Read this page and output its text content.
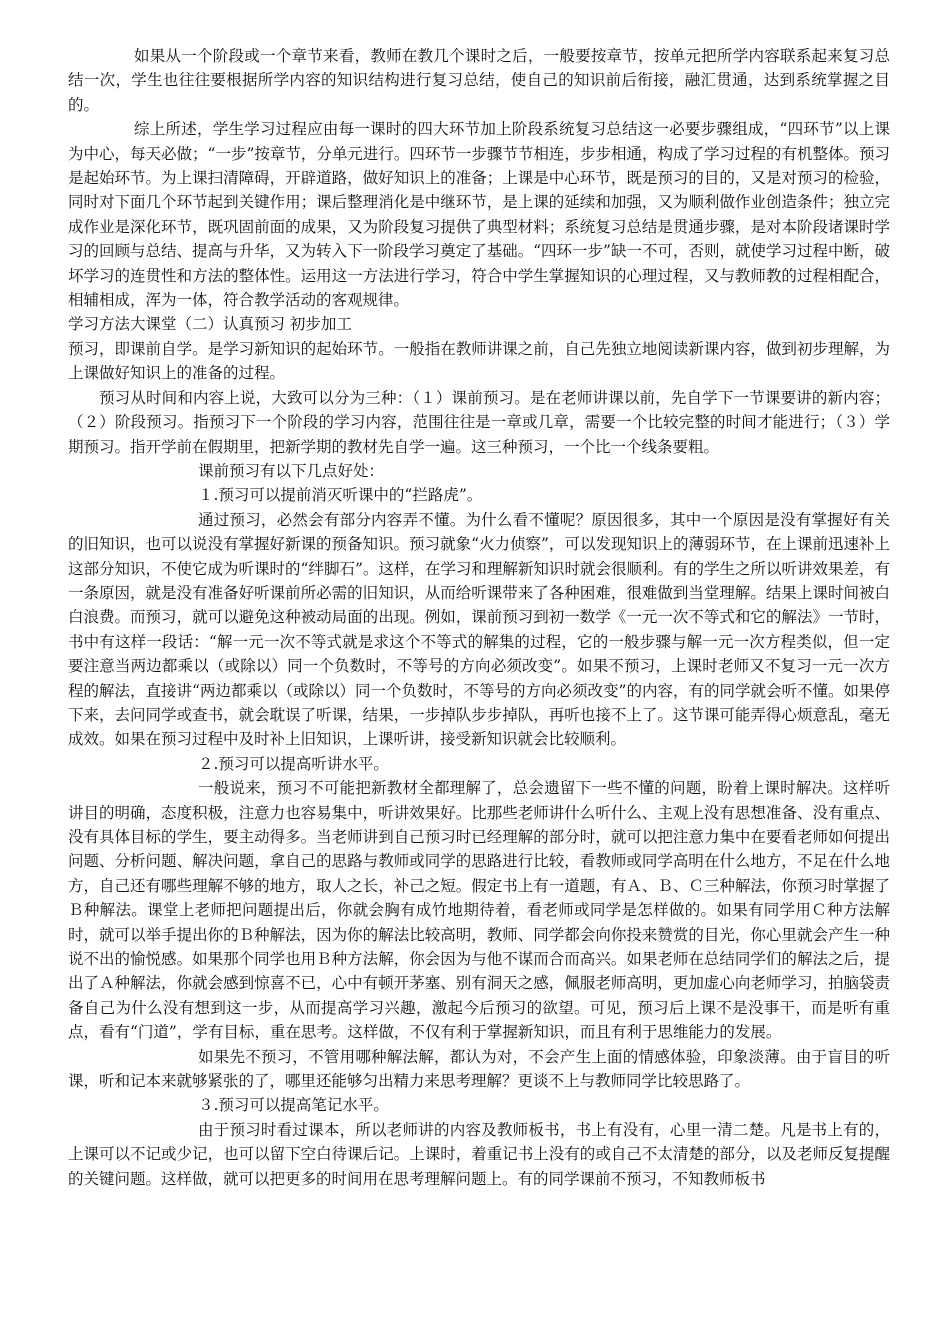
如果从一个阶段或一个章节来看，教师在教几个课时之后，一般要按章节，按单元把所学内容联系起来复习总结一次，学生也往往要根据所学内容的知识结构进行复习总结，使自己的知识前后衔接，融汇贯通，达到系统掌握之目的。

综上所述，学生学习过程应由每一课时的四大环节加上阶段系统复习总结这一必要步骤组成，“四环节”以上课为中心，每天必做；“一步”按章节，分单元进行。四环节一步骤节节相连，步步相通，构成了学习过程的有机整体。预习是起始环节。为上课扫清障碍，开辟道路，做好知识上的准备；上课是中心环节，既是预习的目的，又是对预习的检验，同时对下面几个环节起到关键作用；课后整理消化是中继环节，是上课的延续和加强，又为顺利做作业创造条件；独立完成作业是深化环节，既巩固前面的成果，又为阶段复习提供了典型材料；系统复习总结是贯通步骤，是对本阶段诸课时学习的回顾与总结、提高与升华，又为转入下一阶段学习奠定了基础。“四环一步”缺一不可，否则，就使学习过程中断，破坏学习的连贯性和方法的整体性。运用这一方法进行学习，符合中学生掌握知识的心理过程，又与教师教的过程相配合，相辅相成，浑为一体，符合教学活动的客观规律。

学习方法大课堂（二）认真预习 初步加工

预习，即课前自学。是学习新知识的起始环节。一般指在教师讲课之前，自己先独立地阅读新课内容，做到初步理解，为上课做好知识上的准备的过程。

预习从时间和内容上说，大致可以分为三种：（１）课前预习。是在老师讲课以前，先自学下一节课要讲的新内容；（２）阶段预习。指预习下一个阶段的学习内容，范围往往是一章或几章，需要一个比较完整的时间才能进行；（３）学期预习。指开学前在假期里，把新学期的教材先自学一遍。这三种预习，一个比一个线条要粗。

课前预习有以下几点好处：

１.预习可以提前消灭听课中的“拦路虎”。

通过预习，必然会有部分内容弄不懂。为什么看不懂呢？原因很多，其中一个原因是没有掌握好有关的旧知识，也可以说没有掌握好新课的预备知识。预习就象“火力侦察”，可以发现知识上的薄弱环节，在上课前迅速补上这部分知识，不使它成为听课时的“绊脚石”。这样，在学习和理解新知识时就会很顺利。有的学生之所以听讲效果差，有一条原因，就是没有准备好听课前所必需的旧知识，从而给听课带来了各种困难，很难做到当堂理解。结果上课时间被白白浪费。而预习，就可以避免这种被动局面的出现。例如，课前预习到初一数学《一元一次不等式和它的解法》一节时，书中有这样一段话：“解一元一次不等式就是求这个不等式的解集的过程，它的一般步骤与解一元一次方程类似，但一定要注意当两边都乘以（或除以）同一个负数时，不等号的方向必须改变”。如果不预习，上课时老师又不复习一元一次方程的解法，直接讲“两边都乘以（或除以）同一个负数时，不等号的方向必须改变”的内容，有的同学就会听不懂。如果停下来，去问同学或查书，就会耽误了听课，结果，一步掉队步步掉队，再听也接不上了。这节课可能弄得心烦意乱，毫无成效。如果在预习过程中及时补上旧知识，上课听讲，接受新知识就会比较顺利。

２.预习可以提高听讲水平。

一般说来，预习不可能把新教材全都理解了，总会遗留下一些不懂的问题，盼着上课时解决。这样听讲目的明确，态度积极，注意力也容易集中，听讲效果好。比那些老师讲什么听什么、主观上没有思想准备、没有重点、没有具体目标的学生，要主动得多。当老师讲到自己预习时已经理解的部分时，就可以把注意力集中在要看老师如何提出问题、分析问题、解决问题，拿自己的思路与教师或同学的思路进行比较，看教师或同学高明在什么地方，不足在什么地方，自己还有哪些理解不够的地方，取人之长，补己之短。假定书上有一道题，有Ａ、Ｂ、Ｃ三种解法，你预习时掌握了Ｂ种解法。课堂上老师把问题提出后，你就会胸有成竹地期待着，看老师或同学是怎样做的。如果有同学用Ｃ种方法解时，就可以举手提出你的Ｂ种解法，因为你的解法比较高明，教师、同学都会向你投来赞赏的目光，你心里就会产生一种说不出的愉悦感。如果那个同学也用Ｂ种方法解，你会因为与他不谋而合而高兴。如果老师在总结同学们的解法之后，提出了Ａ种解法，你就会感到惊喜不已，心中有顿开茅塞、别有洞天之感，佩服老师高明，更加虚心向老师学习，拍脑袋责备自己为什么没有想到这一步，从而提高学习兴趣，激起今后预习的欲望。可见，预习后上课不是没事干，而是听有重点，看有“门道”，学有目标，重在思考。这样做，不仅有利于掌握新知识，而且有利于思维能力的发展。

如果先不预习，不管用哪种解法解，都认为对，不会产生上面的情感体验，印象淡薄。由于盲目的听课，听和记本来就够紧张的了，哪里还能够匀出精力来思考理解？更谈不上与教师同学比较思路了。

３.预习可以提高笔记水平。

由于预习时看过课本，所以老师讲的内容及教师板书，书上有没有，心里一清二楚。凡是书上有的，上课可以不记或少记，也可以留下空白待课后记。上课时，着重记书上没有的或自己不太清楚的部分，以及老师反复提醒的关键问题。这样做，就可以把更多的时间用在思考理解问题上。有的同学课前不预习，不知教师板书
